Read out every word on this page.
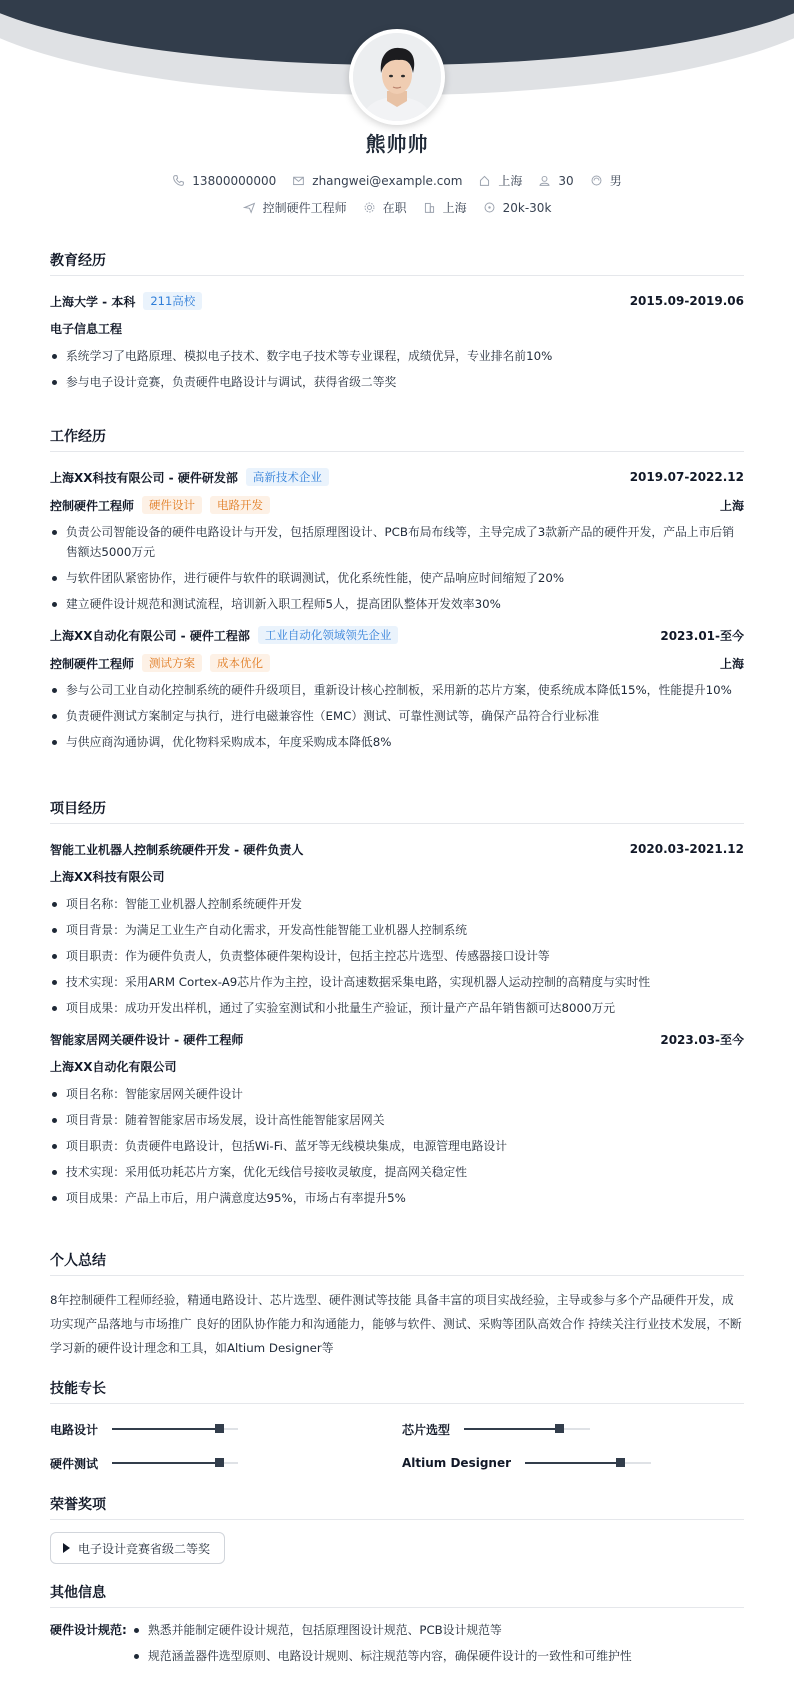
熊帅帅
13800000000	zhangwei@example.com	上海	30	男
控制硬件工程师	在职	上海	20k-30k
教育经历
上海大学 - 本科	211高校	2015.09-2019.06
电子信息工程
系统学习了电路原理、模拟电子技术、数字电子技术等专业课程，成绩优异，专业排名前10%
参与电子设计竞赛，负责硬件电路设计与调试，获得省级二等奖
工作经历
上海XX科技有限公司 - 硬件研发部	高新技术企业	2019.07-2022.12
控制硬件工程师	硬件设计	电路开发	上海
负责公司智能设备的硬件电路设计与开发，包括原理图设计、PCB布局布线等，主导完成了3款新产品的硬件开发，产品上市后销售额达5000万元
与软件团队紧密协作，进行硬件与软件的联调测试，优化系统性能，使产品响应时间缩短了20%
建立硬件设计规范和测试流程，培训新入职工程师5人，提高团队整体开发效率30%
上海XX自动化有限公司 - 硬件工程部	工业自动化领域领先企业	2023.01-至今
控制硬件工程师	测试方案	成本优化	上海
参与公司工业自动化控制系统的硬件升级项目，重新设计核心控制板，采用新的芯片方案，使系统成本降低15%，性能提升10%
负责硬件测试方案制定与执行，进行电磁兼容性（EMC）测试、可靠性测试等，确保产品符合行业标准
与供应商沟通协调，优化物料采购成本，年度采购成本降低8%
项目经历
智能工业机器人控制系统硬件开发 - 硬件负责人	2020.03-2021.12
上海XX科技有限公司
项目名称：智能工业机器人控制系统硬件开发
项目背景：为满足工业生产自动化需求，开发高性能智能工业机器人控制系统
项目职责：作为硬件负责人，负责整体硬件架构设计，包括主控芯片选型、传感器接口设计等
技术实现：采用ARM Cortex-A9芯片作为主控，设计高速数据采集电路，实现机器人运动控制的高精度与实时性
项目成果：成功开发出样机，通过了实验室测试和小批量生产验证，预计量产产品年销售额可达8000万元
智能家居网关硬件设计 - 硬件工程师	2023.03-至今
上海XX自动化有限公司
项目名称：智能家居网关硬件设计
项目背景：随着智能家居市场发展，设计高性能智能家居网关
项目职责：负责硬件电路设计，包括Wi-Fi、蓝牙等无线模块集成，电源管理电路设计
技术实现：采用低功耗芯片方案，优化无线信号接收灵敏度，提高网关稳定性
项目成果：产品上市后，用户满意度达95%，市场占有率提升5%
个人总结
8年控制硬件工程师经验，精通电路设计、芯片选型、硬件测试等技能 具备丰富的项目实战经验，主导或参与多个产品硬件开发，成功实现产品落地与市场推广 良好的团队协作能力和沟通能力，能够与软件、测试、采购等团队高效合作 持续关注行业技术发展，不断学习新的硬件设计理念和工具，如Altium Designer等
技能专长
电路设计	芯片选型
硬件测试	Altium Designer
荣誉奖项
电子设计竞赛省级二等奖
其他信息
硬件设计规范:	熟悉并能制定硬件设计规范，包括原理图设计规范、PCB设计规范等
规范涵盖器件选型原则、电路设计规则、标注规范等内容，确保硬件设计的一致性和可维护性
